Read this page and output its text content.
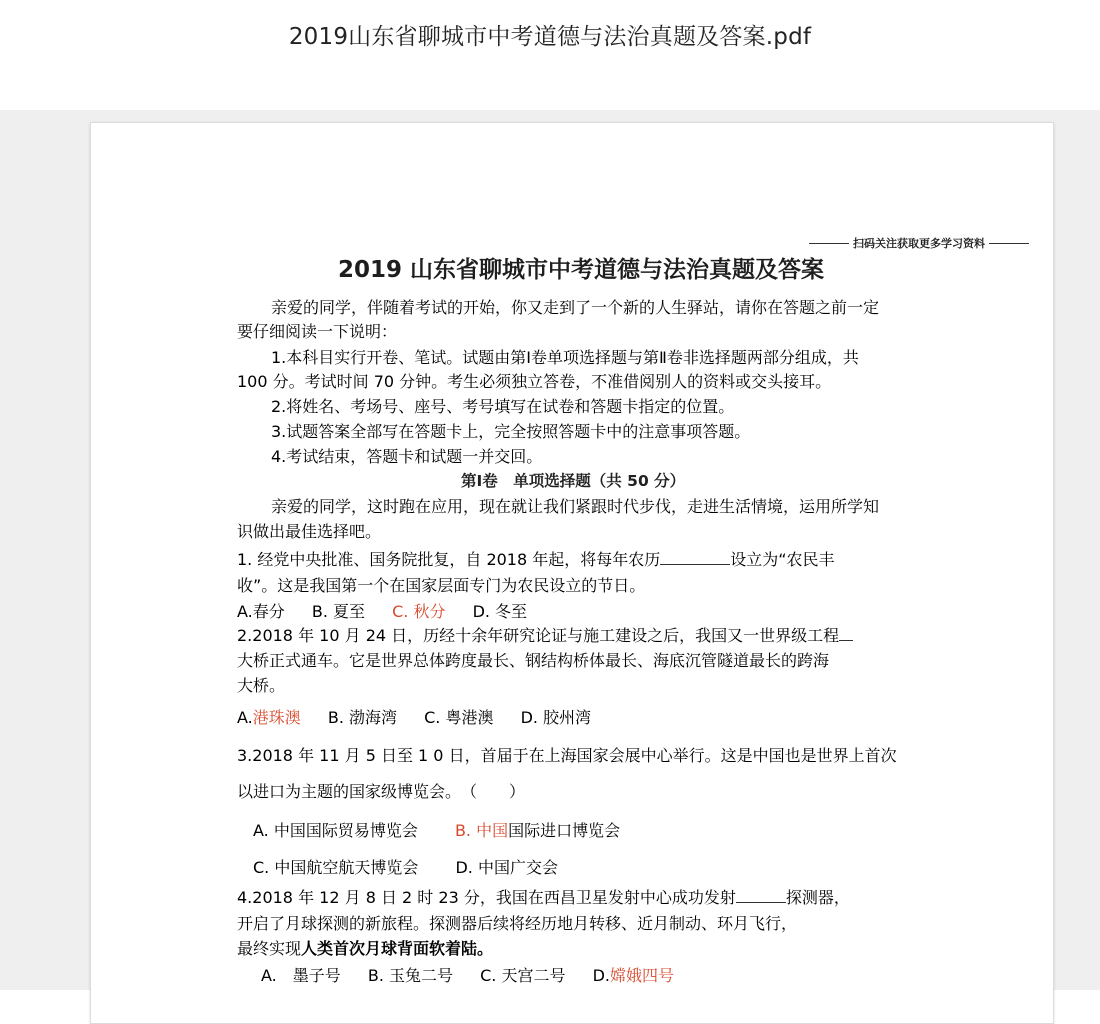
2019山东省聊城市中考道德与法治真题及答案.pdf
扫码关注获取更多学习资料
2019 山东省聊城市中考道德与法治真题及答案
亲爱的同学，伴随着考试的开始，你又走到了一个新的人生驿站，请你在答题之前一定
要仔细阅读一下说明：
1.本科目实行开卷、笔试。试题由第Ⅰ卷单项选择题与第Ⅱ卷非选择题两部分组成，共
100 分。考试时间 70 分钟。考生必须独立答卷，不准借阅别人的资料或交头接耳。
2.将姓名、考场号、座号、考号填写在试卷和答题卡指定的位置。
3.试题答案全部写在答题卡上，完全按照答题卡中的注意事项答题。
4.考试结束，答题卡和试题一并交回。
第Ⅰ卷　单项选择题（共 50 分）
亲爱的同学，这时跑在应用，现在就让我们紧跟时代步伐，走进生活情境，运用所学知
识做出最佳选择吧。
1. 经党中央批准、国务院批复，自 2018 年起，将每年农历	设立为“农民丰
收”。这是我国第一个在国家层面专门为农民设立的节日。
A.春分 B. 夏至 C. 秋分 D. 冬至
2.2018 年 10 月 24 日，历经十余年研究论证与施工建设之后，我国又一世界级工程
大桥正式通车。它是世界总体跨度最长、钢结构桥体最长、海底沉管隧道最长的跨海
大桥。
A.港珠澳 B. 渤海湾 C. 粤港澳 D. 胶州湾
3.2018 年 11 月 5 日至 1 0 日，首届于在上海国家会展中心举行。这是中国也是世界上首次
以进口为主题的国家级博览会。　（　　）
A. 中国国际贸易博览会 B. 中国国际进口博览会
C. 中国航空航天博览会 D. 中国广交会
4.2018 年 12 月 8 日 2 时 23 分，我国在西昌卫星发射中心成功发射	探测器，
开启了月球探测的新旅程。探测器后续将经历地月转移、近月制动、环月飞行，
最终实现人类首次月球背面软着陆。
A.　墨子号 B. 玉兔二号 C. 天宫二号 D.嫦娥四号
